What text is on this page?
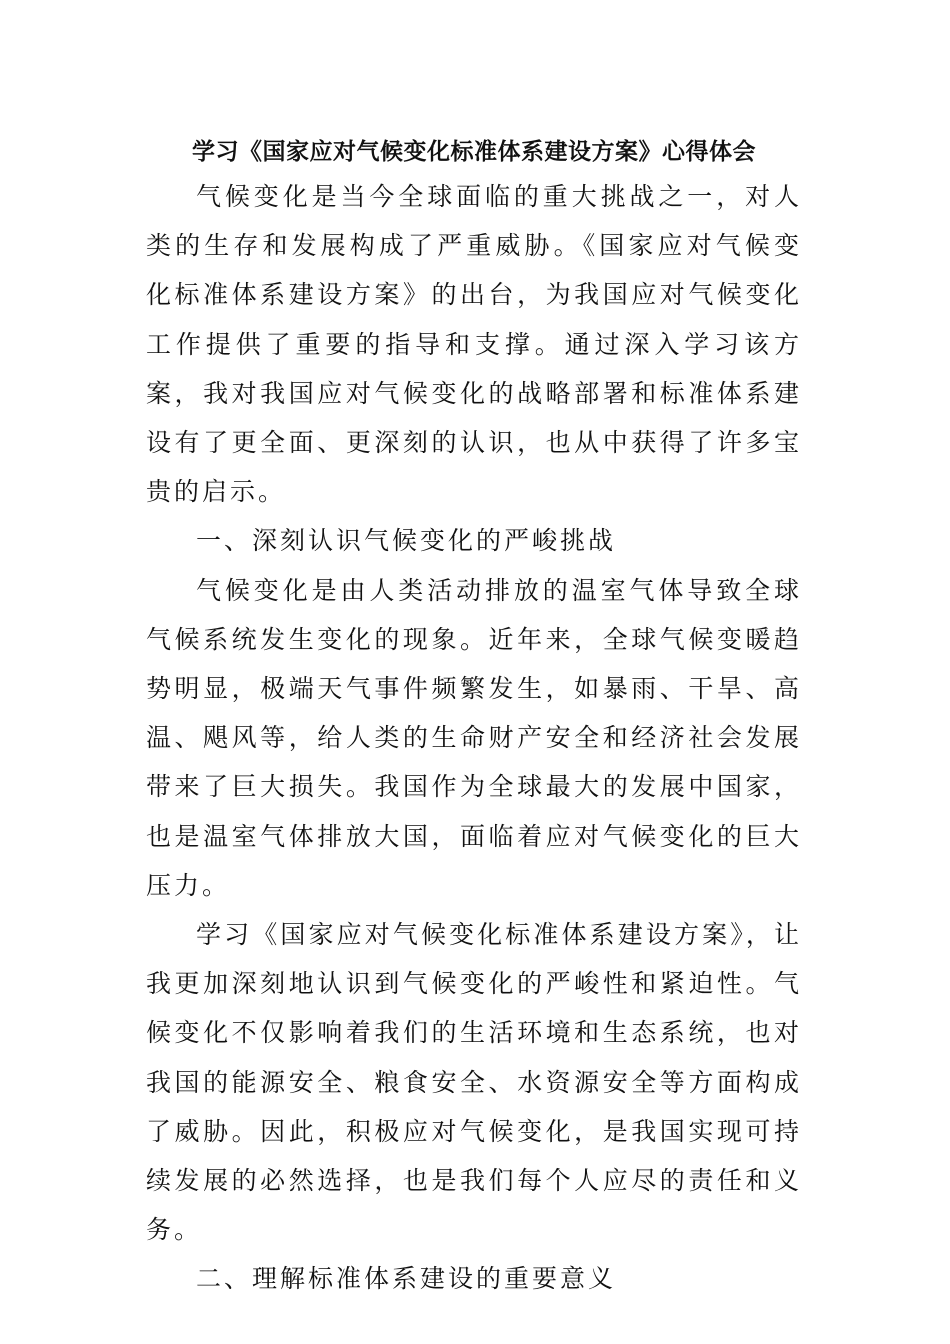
学习《国家应对气候变化标准体系建设方案》心得体会

气候变化是当今全球面临的重大挑战之一，对人类的生存和发展构成了严重威胁。《国家应对气候变化标准体系建设方案》的出台，为我国应对气候变化工作提供了重要的指导和支撑。通过深入学习该方案，我对我国应对气候变化的战略部署和标准体系建设有了更全面、更深刻的认识，也从中获得了许多宝贵的启示。

一、深刻认识气候变化的严峻挑战

气候变化是由人类活动排放的温室气体导致全球气候系统发生变化的现象。近年来，全球气候变暖趋势明显，极端天气事件频繁发生，如暴雨、干旱、高温、飓风等，给人类的生命财产安全和经济社会发展带来了巨大损失。我国作为全球最大的发展中国家，也是温室气体排放大国，面临着应对气候变化的巨大压力。

学习《国家应对气候变化标准体系建设方案》，让我更加深刻地认识到气候变化的严峻性和紧迫性。气候变化不仅影响着我们的生活环境和生态系统，也对我国的能源安全、粮食安全、水资源安全等方面构成了威胁。因此，积极应对气候变化，是我国实现可持续发展的必然选择，也是我们每个人应尽的责任和义务。

二、理解标准体系建设的重要意义
